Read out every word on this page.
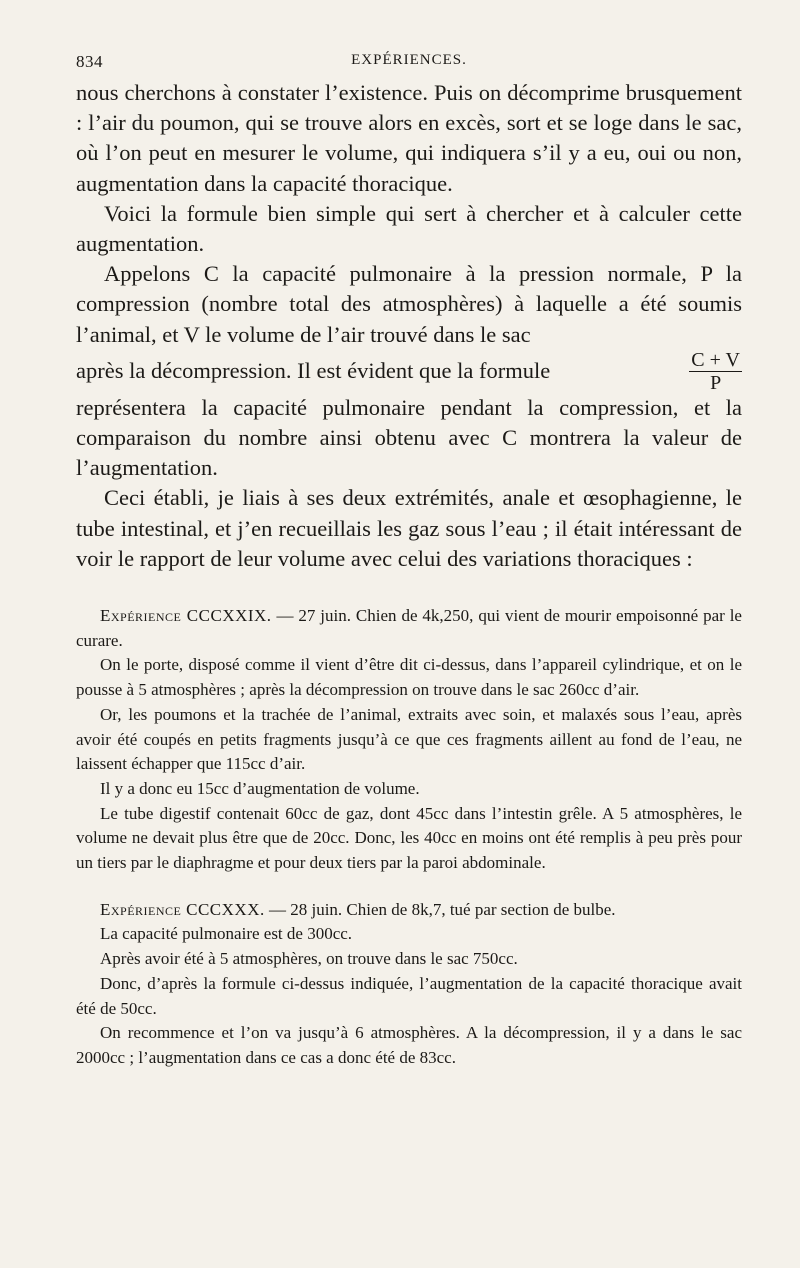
834	EXPÉRIENCES.

nous cherchons à constater l’existence. Puis on décomprime brusquement : l’air du poumon, qui se trouve alors en excès, sort et se loge dans le sac, où l’on peut en mesurer le volume, qui indiquera s’il y a eu, oui ou non, augmentation dans la capacité thoracique.

Voici la formule bien simple qui sert à chercher et à calculer cette augmentation.

Appelons C la capacité pulmonaire à la pression normale, P la compression (nombre total des atmosphères) à laquelle a été soumis l’animal, et V le volume de l’air trouvé dans le sac

après la décompression. Il est évident que la formule	$\frac{C + V}{P}$

représentera la capacité pulmonaire pendant la compression, et la comparaison du nombre ainsi obtenu avec C montrera la valeur de l’augmentation.

Ceci établi, je liais à ses deux extrémités, anale et œsophagienne, le tube intestinal, et j’en recueillais les gaz sous l’eau ; il était intéressant de voir le rapport de leur volume avec celui des variations thoraciques :

Expérience CCCXXIX. — 27 juin. Chien de 4k,250, qui vient de mourir empoisonné par le curare.

On le porte, disposé comme il vient d’être dit ci-dessus, dans l’appareil cylindrique, et on le pousse à 5 atmosphères ; après la décompression on trouve dans le sac 260cc d’air.

Or, les poumons et la trachée de l’animal, extraits avec soin, et malaxés sous l’eau, après avoir été coupés en petits fragments jusqu’à ce que ces fragments aillent au fond de l’eau, ne laissent échapper que 115cc d’air.

Il y a donc eu 15cc d’augmentation de volume.

Le tube digestif contenait 60cc de gaz, dont 45cc dans l’intestin grêle. A 5 atmosphères, le volume ne devait plus être que de 20cc. Donc, les 40cc en moins ont été remplis à peu près pour un tiers par le diaphragme et pour deux tiers par la paroi abdominale.

Expérience CCCXXX. — 28 juin. Chien de 8k,7, tué par section de bulbe.

La capacité pulmonaire est de 300cc.

Après avoir été à 5 atmosphères, on trouve dans le sac 750cc.

Donc, d’après la formule ci-dessus indiquée, l’augmentation de la capacité thoracique avait été de 50cc.

On recommence et l’on va jusqu’à 6 atmosphères. A la décompression, il y a dans le sac 2000cc ; l’augmentation dans ce cas a donc été de 83cc.
